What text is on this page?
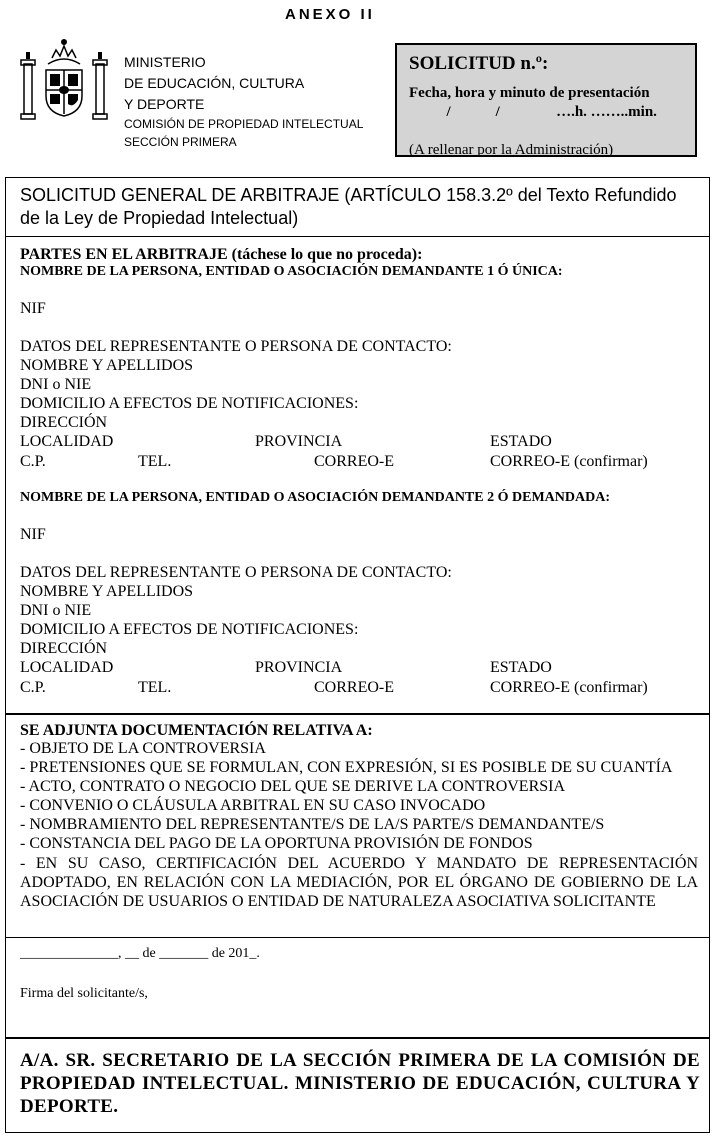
ANEXO II
MINISTERIO
DE EDUCACIÓN, CULTURA
Y DEPORTE
COMISIÓN DE PROPIEDAD INTELECTUAL
SECCIÓN PRIMERA
SOLICITUD n.º:
Fecha, hora y minuto de presentación
/            /               ….h. ……..min.
(A rellenar por la Administración)
SOLICITUD GENERAL DE ARBITRAJE (ARTÍCULO 158.3.2º del Texto Refundido de la Ley de Propiedad Intelectual)
PARTES EN EL ARBITRAJE (táchese lo que no proceda):
NOMBRE DE LA PERSONA, ENTIDAD O ASOCIACIÓN DEMANDANTE 1 Ó ÚNICA:
NIF
DATOS DEL REPRESENTANTE O PERSONA DE CONTACTO:
NOMBRE Y APELLIDOS
DNI o NIE
DOMICILIO A EFECTOS DE NOTIFICACIONES:
DIRECCIÓN
LOCALIDAD	PROVINCIA	ESTADO
C.P.	TEL.	CORREO-E	CORREO-E (confirmar)
NOMBRE DE LA PERSONA, ENTIDAD O ASOCIACIÓN DEMANDANTE 2 Ó DEMANDADA:
NIF
DATOS DEL REPRESENTANTE O PERSONA DE CONTACTO:
NOMBRE Y APELLIDOS
DNI o NIE
DOMICILIO A EFECTOS DE NOTIFICACIONES:
DIRECCIÓN
LOCALIDAD	PROVINCIA	ESTADO
C.P.	TEL.	CORREO-E	CORREO-E (confirmar)
SE ADJUNTA DOCUMENTACIÓN RELATIVA A:
- OBJETO DE LA CONTROVERSIA
- PRETENSIONES QUE SE FORMULAN, CON EXPRESIÓN, SI ES POSIBLE DE SU CUANTÍA
- ACTO, CONTRATO O NEGOCIO DEL QUE SE DERIVE LA CONTROVERSIA
- CONVENIO O CLÁUSULA ARBITRAL EN SU CASO INVOCADO
- NOMBRAMIENTO DEL REPRESENTANTE/S DE LA/S PARTE/S DEMANDANTE/S
- CONSTANCIA DEL PAGO DE LA OPORTUNA PROVISIÓN DE FONDOS
- EN SU CASO, CERTIFICACIÓN DEL ACUERDO Y MANDATO DE REPRESENTACIÓN ADOPTADO, EN RELACIÓN CON LA MEDIACIÓN, POR EL ÓRGANO DE GOBIERNO DE LA ASOCIACIÓN DE USUARIOS O ENTIDAD DE NATURALEZA ASOCIATIVA SOLICITANTE
______________, __ de _______ de 201_.
Firma del solicitante/s,
A/A. SR. SECRETARIO DE LA SECCIÓN PRIMERA DE LA COMISIÓN DE PROPIEDAD INTELECTUAL. MINISTERIO DE EDUCACIÓN, CULTURA Y DEPORTE.
